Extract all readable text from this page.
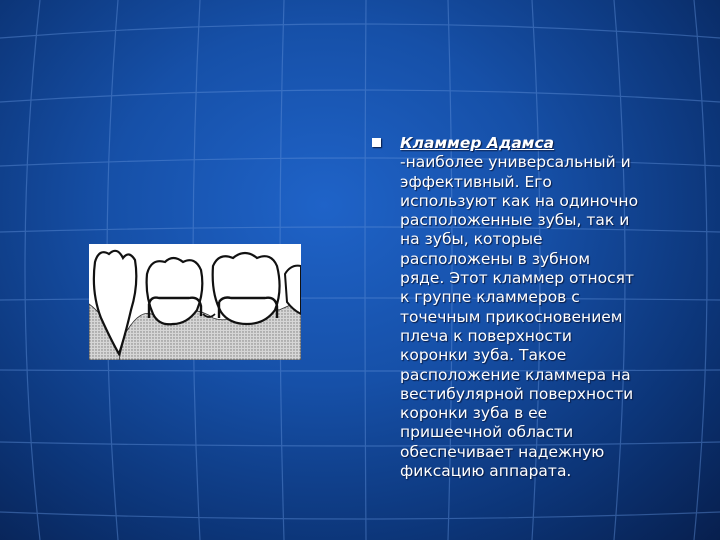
Кламмер Адамса
-наиболее универсальный и
эффективный. Его
используют как на одиночно
расположенные зубы, так и
на зубы, которые
расположены в зубном
ряде. Этот кламмер относят
к группе кламмеров с
точечным прикосновением
плеча к поверхности
коронки зуба. Такое
расположение кламмера на
вестибулярной поверхности
коронки зуба в ее
пришеечной области
обеспечивает надежную
фиксацию аппарата.
